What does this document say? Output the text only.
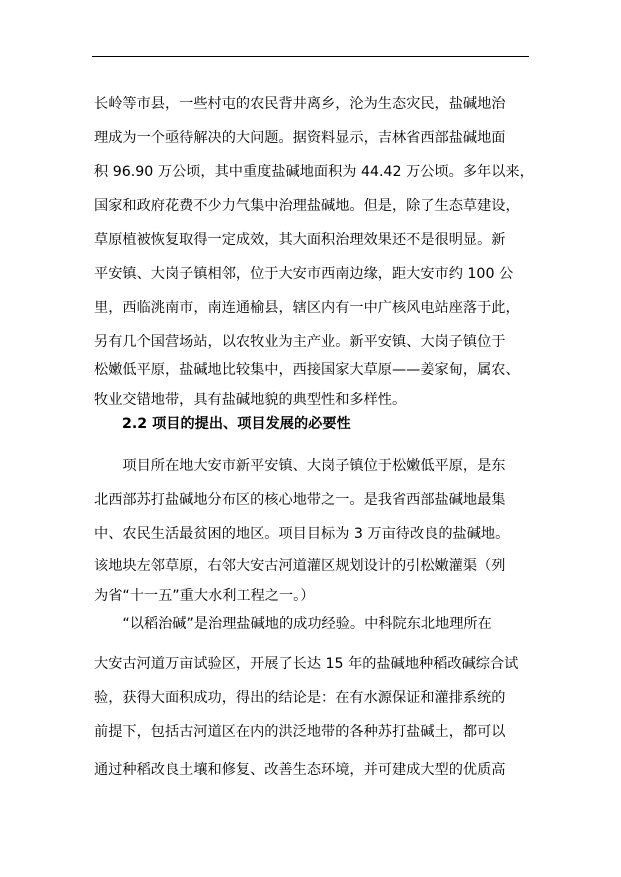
长岭等市县，一些村屯的农民背井离乡，沦为生态灾民，盐碱地治
理成为一个亟待解决的大问题。据资料显示，吉林省西部盐碱地面
积 96.90 万公顷，其中重度盐碱地面积为 44.42 万公顷。多年以来，
国家和政府花费不少力气集中治理盐碱地。但是，除了生态草建设，
草原植被恢复取得一定成效，其大面积治理效果还不是很明显。新
平安镇、大岗子镇相邻，位于大安市西南边缘，距大安市约 100 公
里，西临洮南市，南连通榆县，辖区内有一中广核风电站座落于此，
另有几个国营场站，以农牧业为主产业。新平安镇、大岗子镇位于
松嫩低平原，盐碱地比较集中，西接国家大草原——姜家甸，属农、
牧业交错地带，具有盐碱地貌的典型性和多样性。
2.2 项目的提出、项目发展的必要性
　　项目所在地大安市新平安镇、大岗子镇位于松嫩低平原，是东
北西部苏打盐碱地分布区的核心地带之一。是我省西部盐碱地最集
中、农民生活最贫困的地区。项目目标为 3 万亩待改良的盐碱地。
该地块左邻草原，右邻大安古河道灌区规划设计的引松嫩灌渠（列
为省“十一五”重大水利工程之一。）
　　“以稻治碱”是治理盐碱地的成功经验。中科院东北地理所在
大安古河道万亩试验区，开展了长达 15 年的盐碱地种稻改碱综合试
验，获得大面积成功，得出的结论是：在有水源保证和灌排系统的
前提下，包括古河道区在内的洪泛地带的各种苏打盐碱土，都可以
通过种稻改良土壤和修复、改善生态环境，并可建成大型的优质高
